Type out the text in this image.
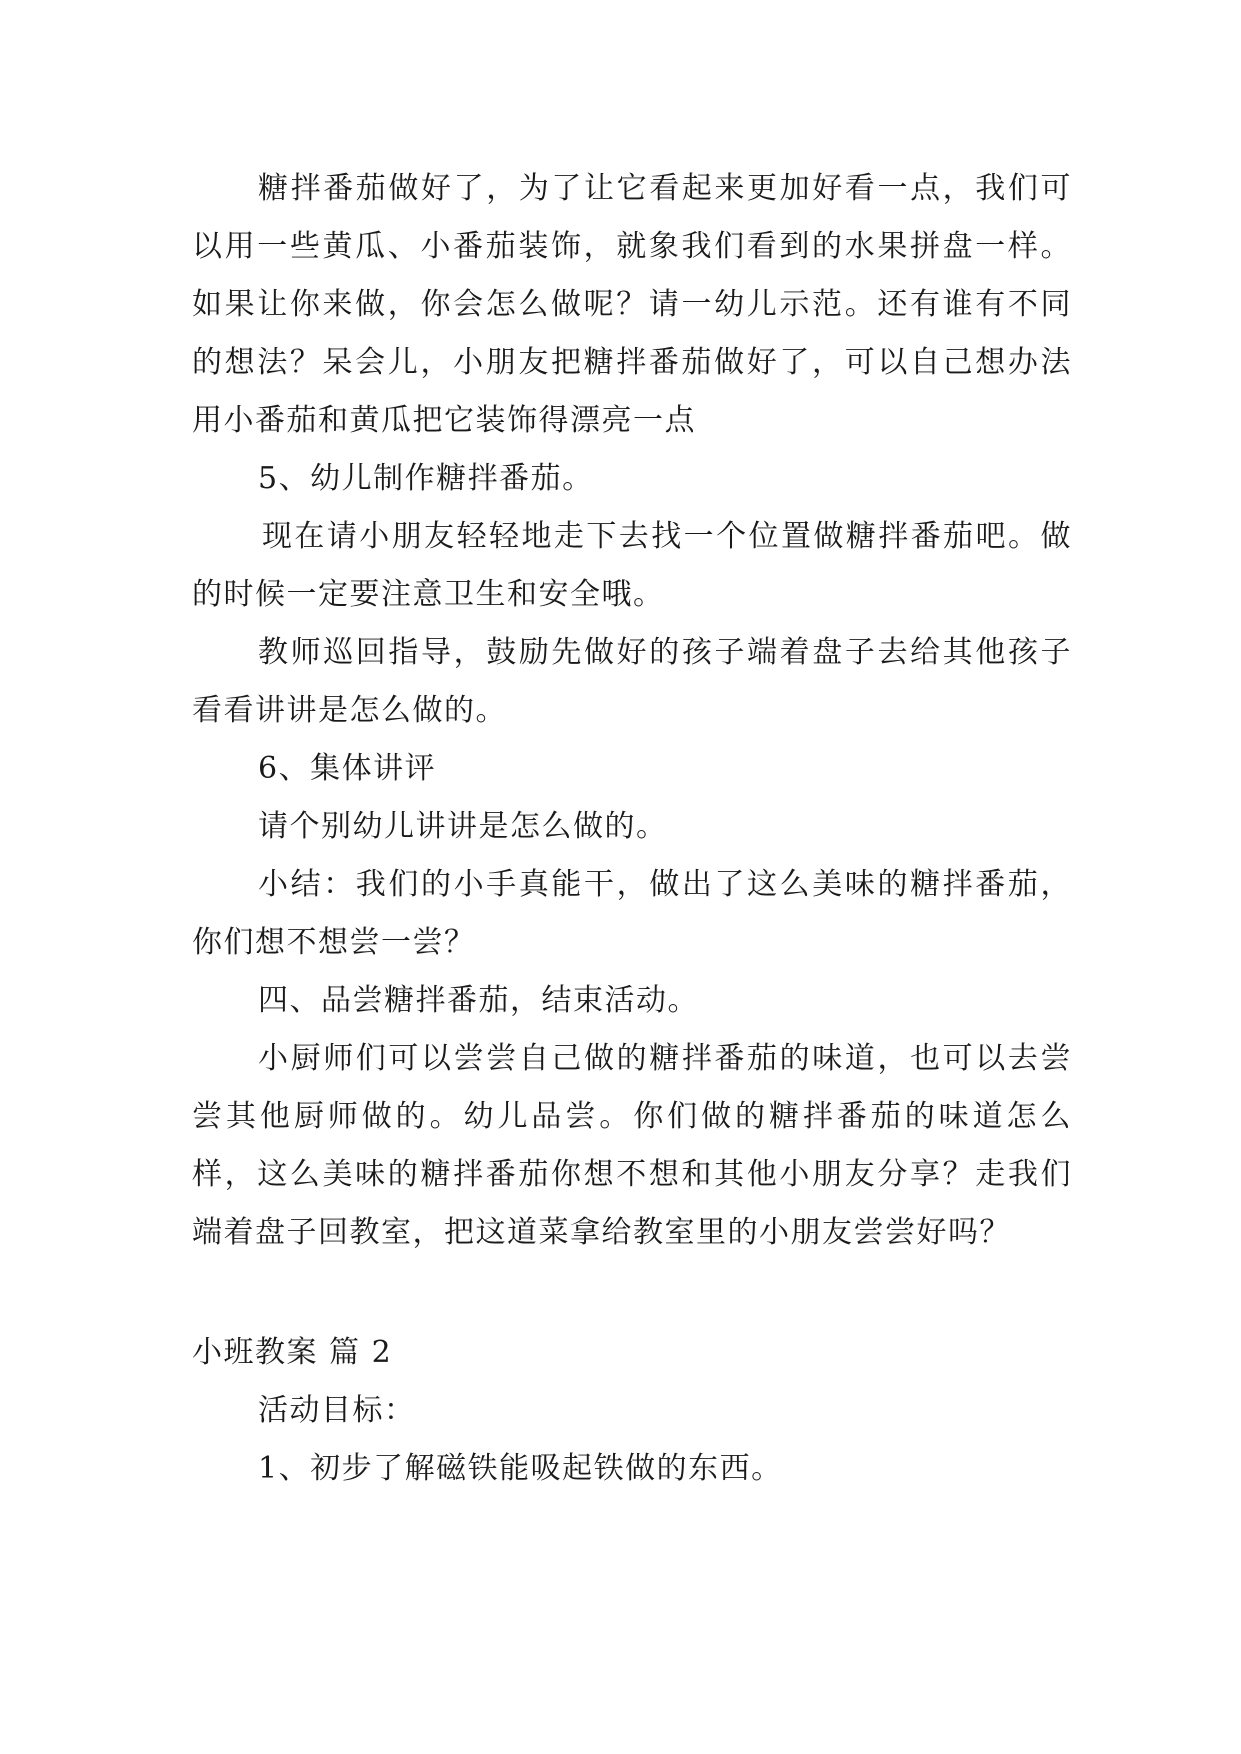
糖拌番茄做好了，为了让它看起来更加好看一点，我们可以用一些黄瓜、小番茄装饰，就象我们看到的水果拼盘一样。如果让你来做，你会怎么做呢？请一幼儿示范。还有谁有不同的想法？呆会儿，小朋友把糖拌番茄做好了，可以自己想办法用小番茄和黄瓜把它装饰得漂亮一点

5、幼儿制作糖拌番茄。

现在请小朋友轻轻地走下去找一个位置做糖拌番茄吧。做的时候一定要注意卫生和安全哦。

教师巡回指导，鼓励先做好的孩子端着盘子去给其他孩子看看讲讲是怎么做的。

6、集体讲评

请个别幼儿讲讲是怎么做的。

小结：我们的小手真能干，做出了这么美味的糖拌番茄，你们想不想尝一尝？

四、品尝糖拌番茄，结束活动。

小厨师们可以尝尝自己做的糖拌番茄的味道，也可以去尝尝其他厨师做的。幼儿品尝。你们做的糖拌番茄的味道怎么样，这么美味的糖拌番茄你想不想和其他小朋友分享？走我们端着盘子回教室，把这道菜拿给教室里的小朋友尝尝好吗？

小班教案 篇 2

活动目标：

1、初步了解磁铁能吸起铁做的东西。
